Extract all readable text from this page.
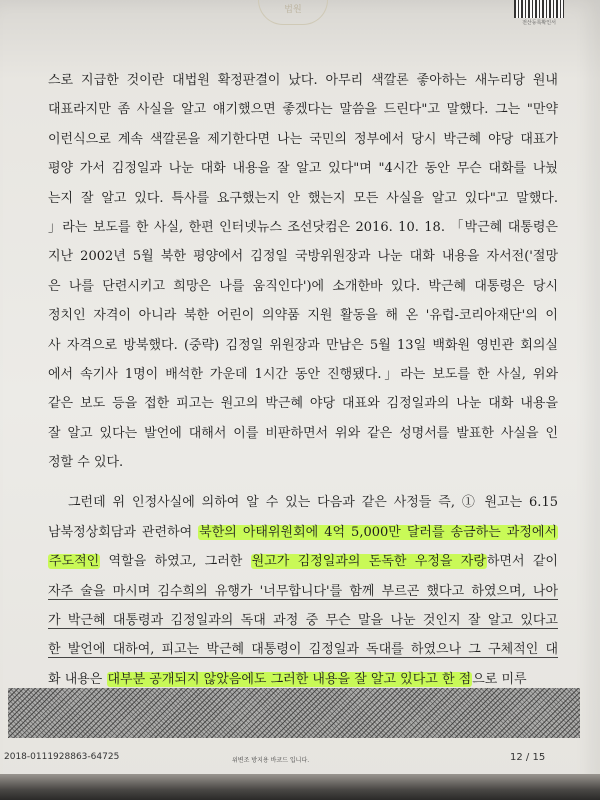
법원
전산등록확인서
스로 지급한 것이란 대법원 확정판결이 났다. 아무리 색깔론 좋아하는 새누리당 원내
대표라지만 좀 사실을 알고 얘기했으면 좋겠다는 말씀을 드린다"고 말했다. 그는 "만약
이런식으로 계속 색깔론을 제기한다면 나는 국민의 정부에서 당시 박근혜 야당 대표가
평양 가서 김정일과 나눈 대화 내용을 잘 알고 있다"며 "4시간 동안 무슨 대화를 나눴
는지 잘 알고 있다. 특사를 요구했는지 안 했는지 모든 사실을 알고 있다"고 말했다.
」라는 보도를 한 사실, 한편 인터넷뉴스 조선닷컴은 2016. 10. 18. 「박근혜 대통령은
지난 2002년 5월 북한 평양에서 김정일 국방위원장과 나눈 대화 내용을 자서전('절망
은 나를 단련시키고 희망은 나를 움직인다')에 소개한바 있다. 박근혜 대통령은 당시
정치인 자격이 아니라 북한 어린이 의약품 지원 활동을 해 온 '유럽-코리아재단'의 이
사 자격으로 방북했다. (중략) 김정일 위원장과 만남은 5월 13일 백화원 영빈관 회의실
에서 속기사 1명이 배석한 가운데 1시간 동안 진행됐다.」라는 보도를 한 사실, 위와
같은 보도 등을 접한 피고는 원고의 박근혜 야당 대표와 김정일과의 나눈 대화 내용을
잘 알고 있다는 발언에 대해서 이를 비판하면서 위와 같은 성명서를 발표한 사실을 인
정할 수 있다.
그런데 위 인정사실에 의하여 알 수 있는 다음과 같은 사정들 즉, ① 원고는 6.15
남북정상회담과 관련하여 북한의 아태위원회에 4억 5,000만 달러를 송금하는 과정에서
주도적인 역할을 하였고, 그러한 원고가 김정일과의 돈독한 우정을 자랑하면서 같이
자주 술을 마시며 김수희의 유행가 '너무합니다'를 함께 부르곤 했다고 하였으며, 나아
가 박근혜 대통령과 김정일과의 독대 과정 중 무슨 말을 나눈 것인지 잘 알고 있다고
한 발언에 대하여, 피고는 박근혜 대통령이 김정일과 독대를 하였으나 그 구체적인 대
화 내용은 대부분 공개되지 않았음에도 그러한 내용을 잘 알고 있다고 한 점으로 미루
2018-0111928863-64725	위변조 방지용 바코드 입니다.	12 / 15
